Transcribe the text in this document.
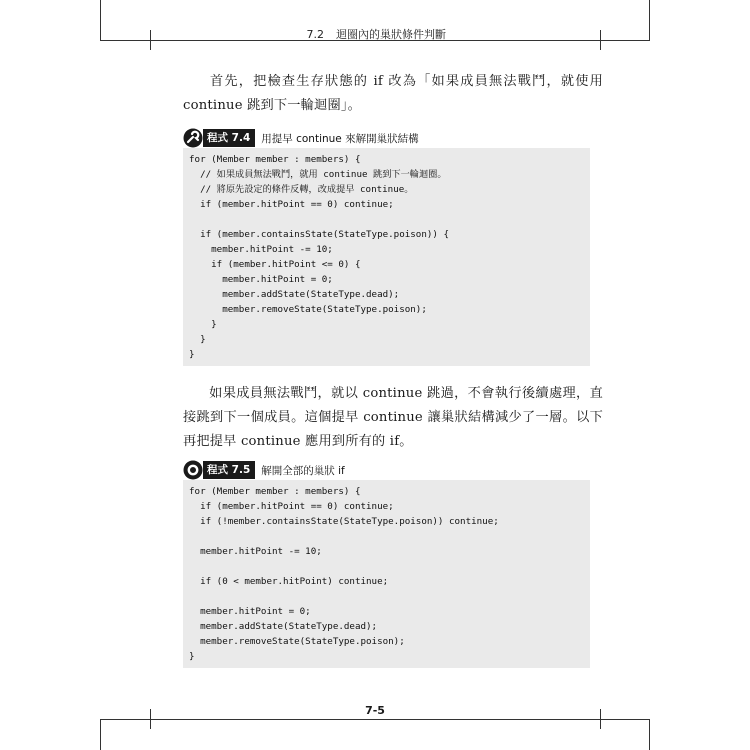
7.2 迴圈內的巢狀條件判斷
首先，把檢查生存狀態的 if 改為「如果成員無法戰鬥，就使用 continue 跳到下一輪迴圈」。
程式 7.4	用提早 continue 來解開巢狀結構
for (Member member : members) {
// 如果成員無法戰鬥，就用 continue 跳到下一輪迴圈。
// 將原先設定的條件反轉，改成提早 continue。
if (member.hitPoint == 0) continue;
if (member.containsState(StateType.poison)) {
member.hitPoint -= 10;
if (member.hitPoint <= 0) {
member.hitPoint = 0;
member.addState(StateType.dead);
member.removeState(StateType.poison);
}
}
}
如果成員無法戰鬥，就以 continue 跳過，不會執行後續處理，直接跳到下一個成員。這個提早 continue 讓巢狀結構減少了一層。以下再把提早 continue 應用到所有的 if。
程式 7.5	解開全部的巢狀 if
for (Member member : members) {
if (member.hitPoint == 0) continue;
if (!member.containsState(StateType.poison)) continue;
member.hitPoint -= 10;
if (0 < member.hitPoint) continue;
member.hitPoint = 0;
member.addState(StateType.dead);
member.removeState(StateType.poison);
}
7-5
